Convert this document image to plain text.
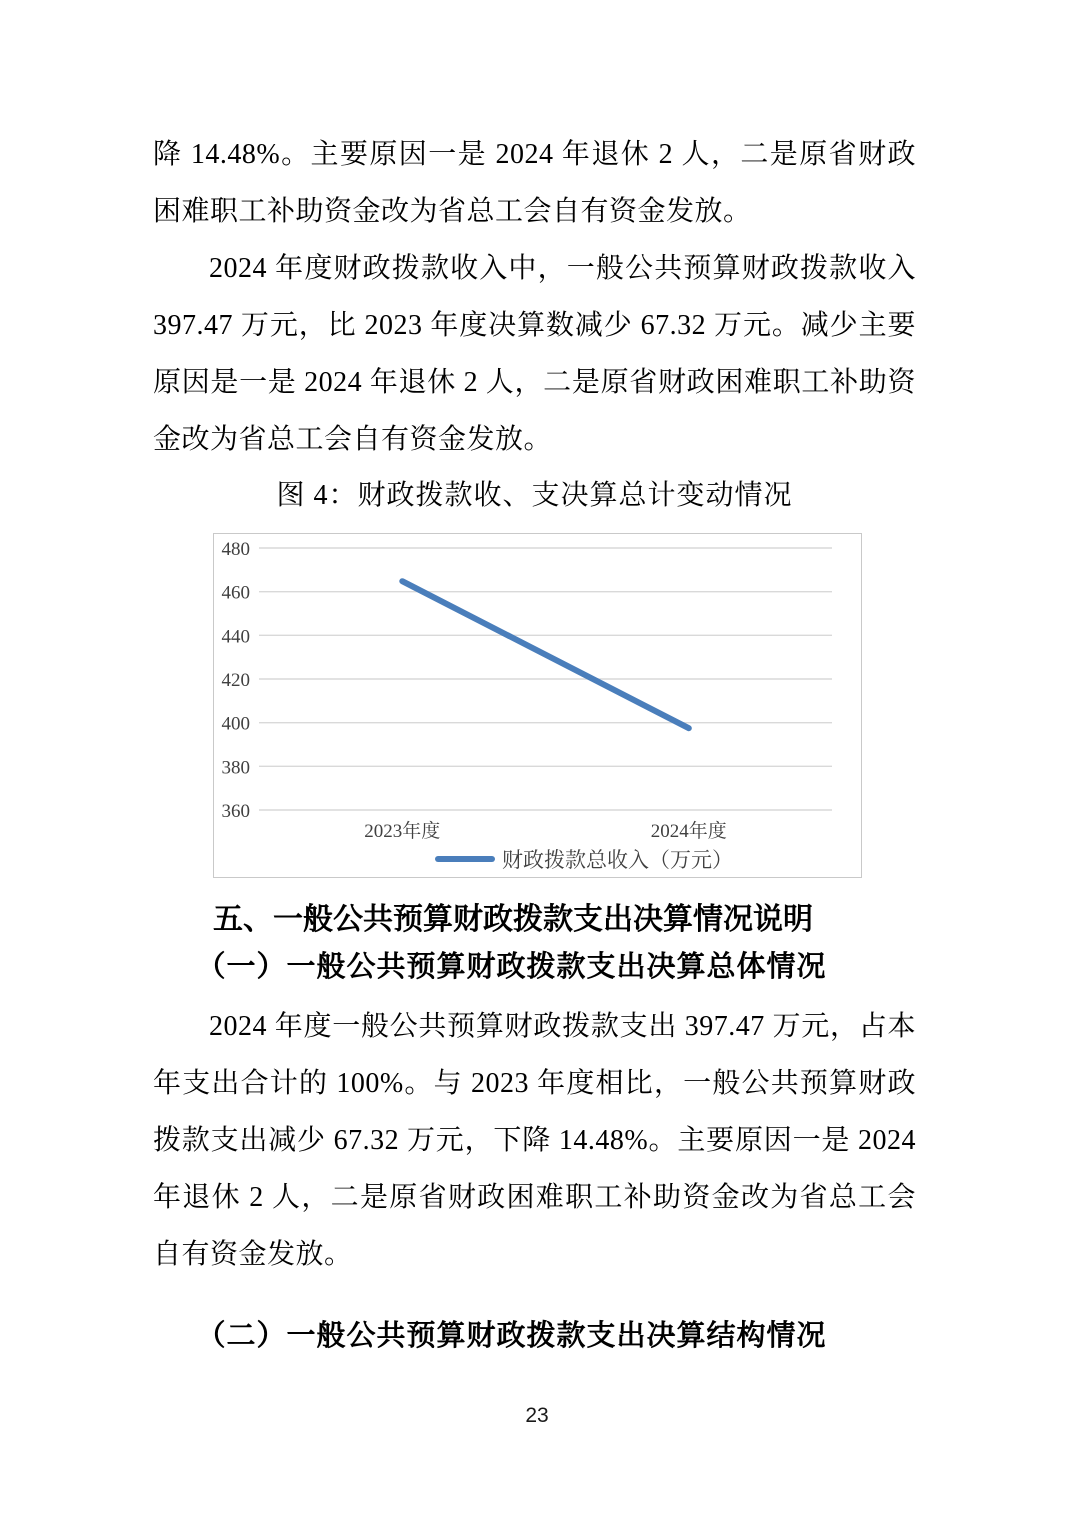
降 14.48%。主要原因一是 2024 年退休 2 人，二是原省财政困难职工补助资金改为省总工会自有资金发放。

2024 年度财政拨款收入中，一般公共预算财政拨款收入 397.47 万元，比 2023 年度决算数减少 67.32 万元。减少主要原因是一是 2024 年退休 2 人，二是原省财政困难职工补助资金改为省总工会自有资金发放。

图 4：财政拨款收、支决算总计变动情况
480
460
440
420
400
380
360
2023年度	2024年度
财政拨款总收入（万元）
五、一般公共预算财政拨款支出决算情况说明
（一）一般公共预算财政拨款支出决算总体情况

2024 年度一般公共预算财政拨款支出 397.47 万元，占本年支出合计的 100%。与 2023 年度相比，一般公共预算财政拨款支出减少 67.32 万元，下降 14.48%。主要原因一是 2024 年退休 2 人，二是原省财政困难职工补助资金改为省总工会自有资金发放。

（二）一般公共预算财政拨款支出决算结构情况
23
